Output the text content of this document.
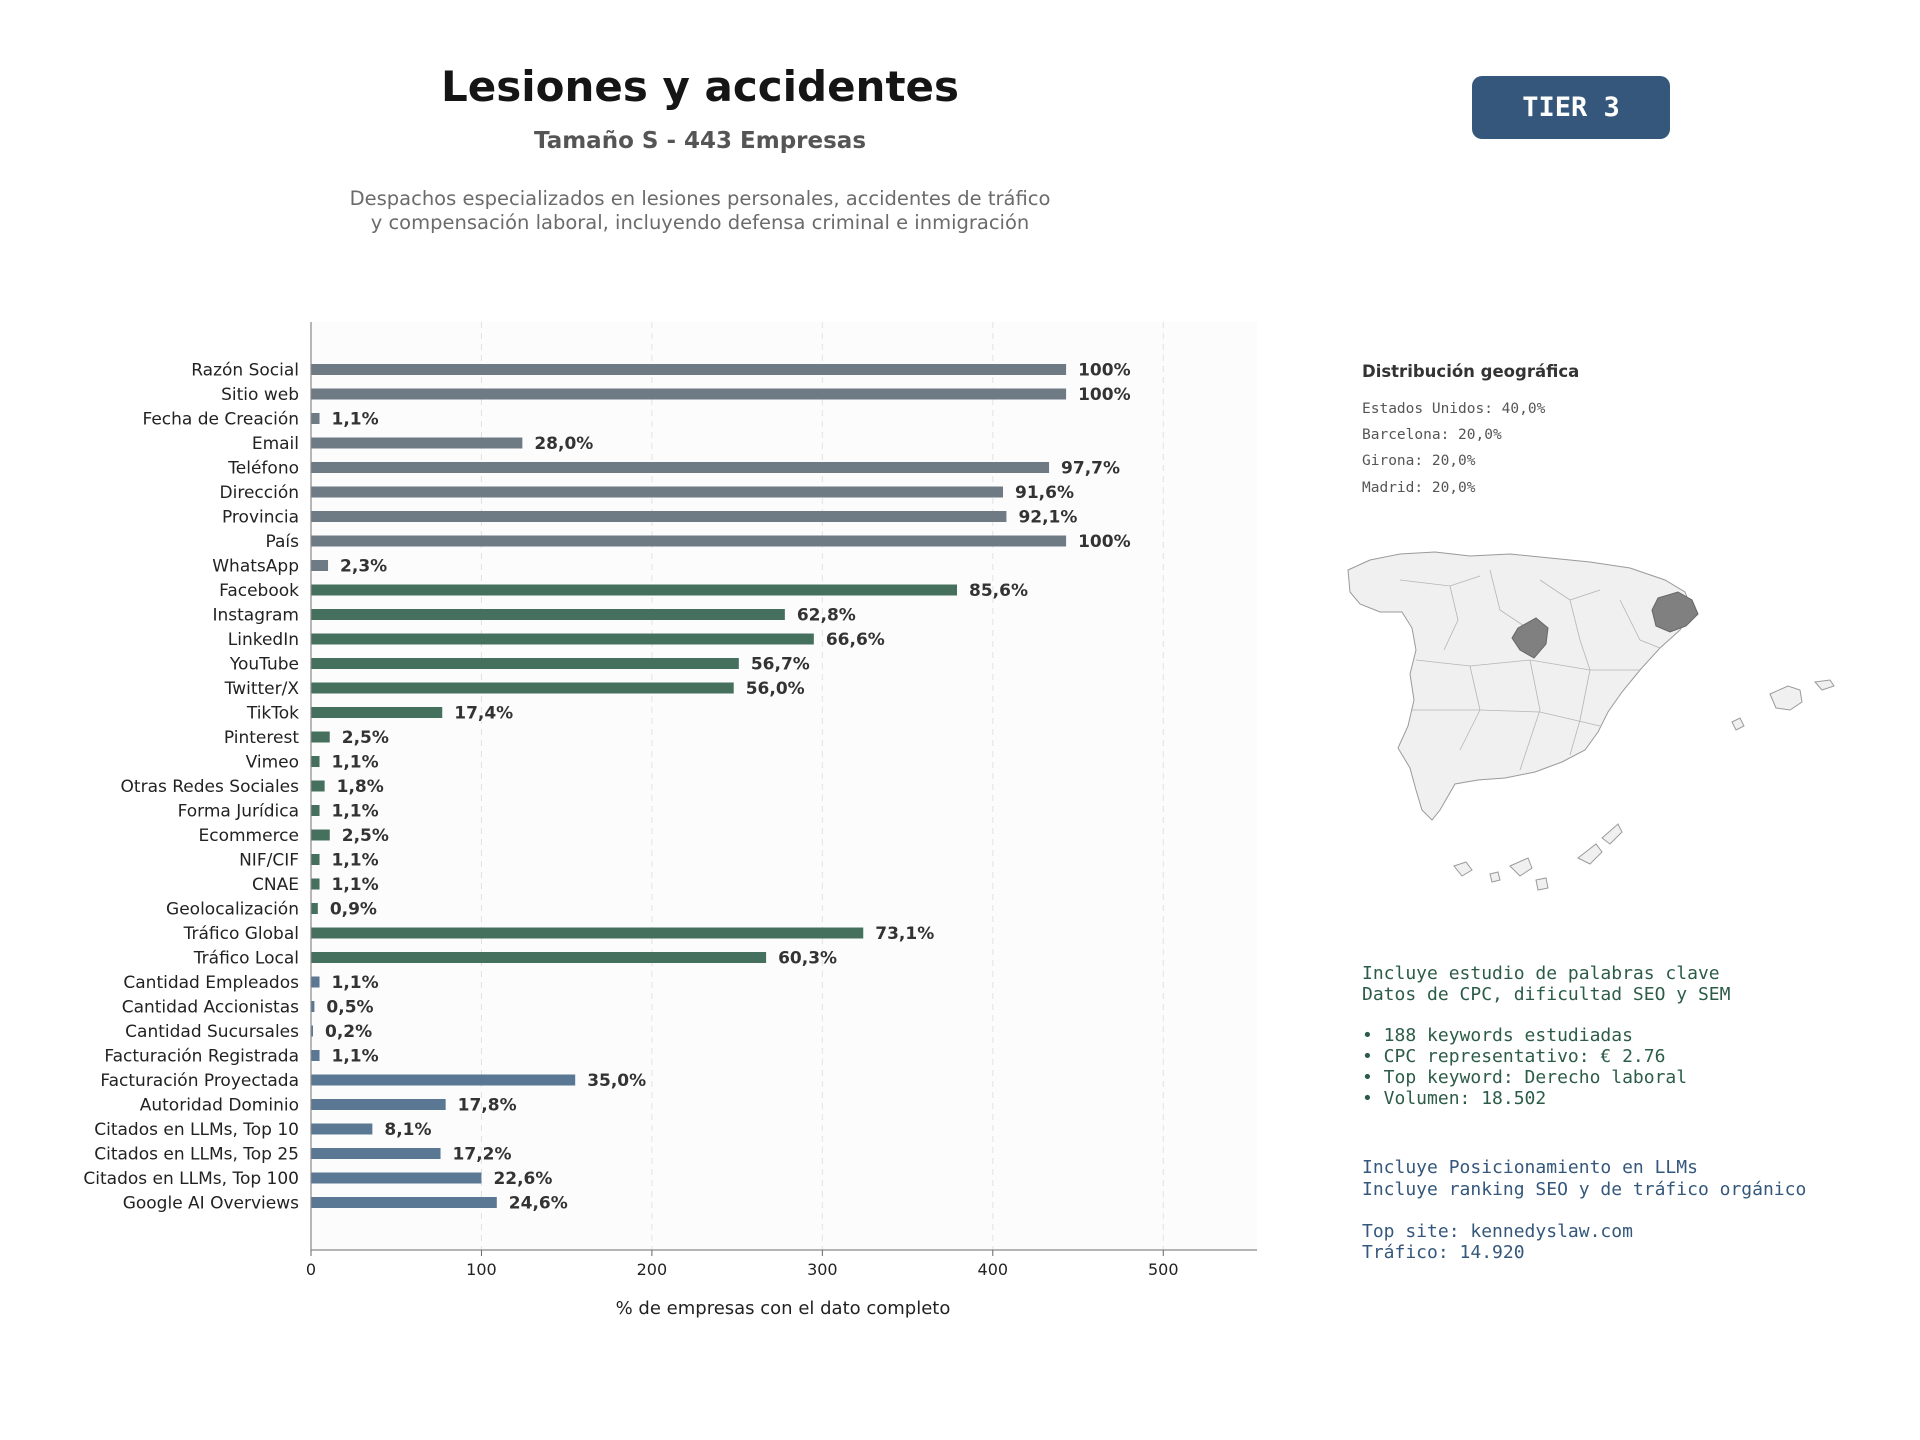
Lesiones y accidentes
Tamaño S - 443 Empresas
Despachos especializados en lesiones personales, accidentes de tráfico
y compensación laboral, incluyendo defensa criminal e inmigración
TIER 3
100%
100%
1,1%
28,0%
97,7%
91,6%
92,1%
100%
2,3%
85,6%
62,8%
66,6%
56,7%
56,0%
17,4%
2,5%
1,1%
1,8%
1,1%
2,5%
1,1%
1,1%
0,9%
73,1%
60,3%
1,1%
0,5%
0,2%
1,1%
35,0%
17,8%
8,1%
17,2%
22,6%
24,6%
Razón Social
Sitio web
Fecha de Creación
Email
Teléfono
Dirección
Provincia
País
WhatsApp
Facebook
Instagram
LinkedIn
YouTube
Twitter/X
TikTok
Pinterest
Vimeo
Otras Redes Sociales
Forma Jurídica
Ecommerce
NIF/CIF
CNAE
Geolocalización
Tráfico Global
Tráfico Local
Cantidad Empleados
Cantidad Accionistas
Cantidad Sucursales
Facturación Registrada
Facturación Proyectada
Autoridad Dominio
Citados en LLMs, Top 10
Citados en LLMs, Top 25
Citados en LLMs, Top 100
Google AI Overviews
0	100	200	300	400	500
% de empresas con el dato completo
Distribución geográfica
Estados Unidos: 40,0%
Barcelona: 20,0%
Girona: 20,0%
Madrid: 20,0%
Incluye estudio de palabras clave
Datos de CPC, dificultad SEO y SEM
• 188 keywords estudiadas
• CPC representativo: € 2.76
• Top keyword: Derecho laboral
• Volumen: 18.502
Incluye Posicionamiento en LLMs
Incluye ranking SEO y de tráfico orgánico
Top site: kennedyslaw.com
Tráfico: 14.920
